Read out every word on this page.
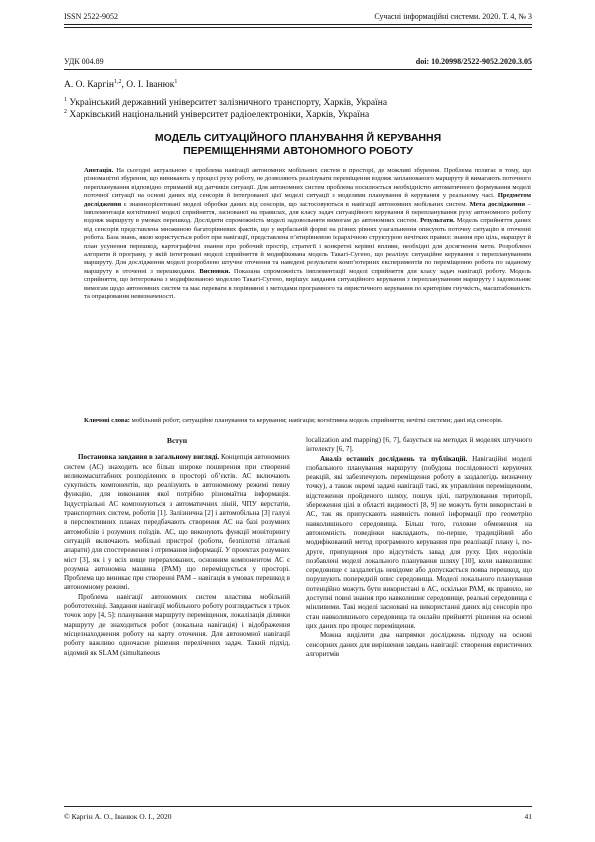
ISSN 2522-9052	Сучасні інформаційні системи. 2020. Т. 4, № 3
УДК 004.89	doi: 10.20998/2522-9052.2020.3.05
А. О. Каргін$^{1,2}$, О. І. Іванюк$^1$
$^1$ Український державний університет залізничного транспорту, Харків, Україна
$^2$ Харківський національний університет радіоелектроніки, Харків, Україна
МОДЕЛЬ СИТУАЦІЙНОГО ПЛАНУВАННЯ Й КЕРУВАННЯ
ПЕРЕМІЩЕННЯМИ АВТОНОМНОГО РОБОТУ
Анотація. На сьогодні актуальною є проблема навігації автономних мобільних систем в просторі, де можливі збурення. Проблема полягає в тому, що різноманітні збурення, що виникають у процесі руху роботу, не дозволяють реалізувати переміщення вздовж запланованого маршруту й вимагають поточного перепланування відповідно отриманій від датчиків ситуації. Для автономних систем проблема посилюється необхідністю автоматичного формування моделі поточної ситуації на основі даних від сенсорів й інтегрованої цієї моделі ситуації з моделями планування й керування у реальному часі. Предметом дослідження є знаннєорієнтовані моделі обробки даних від сенсорів, що застосовуються в навігації автономних мобільних систем. Мета дослідження – імплементація когнітивної моделі сприйняття, заснованої на правилах, для класу задач ситуаційного керування й перепланування руху автономного роботу вздовж маршруту в умовах перешкод. Дослідити спроможність моделі задовольняти вимогам до автономних систем. Результати. Модель сприйняття даних від сенсорів представлена множиною багаторівневих фактів, що у вербальній формі на різних рівнях узагальнення описують поточну ситуацію в оточенні робота. База знань, якою користується робот при навігації, представлена п’ятирівневою ієрархічною структурою нечітких правил: знання про ціль, маршрут й план усунення перешкод, картографічні знання про робочий простір, стратегії і конкретні керівні впливи, необхідні для досягнення мети. Розроблено алгоритм й програму, у якій інтегровані моделі сприйняття й модифікована модель Такагі-Сугено, що реалізує ситуаційне керування з переплануванням маршруту. Для дослідження моделі розроблено штучне оточення та наведені результати комп’ютерних експериментів по переміщенню робота по заданому маршруту в оточенні з перешкодами. Висновки. Показана спроможність імплементації моделі сприйняття для класу задач навігації роботу. Модель сприйняття, що інтегрована з модифікованою моделлю Такагі-Сугено, вирішує завдання ситуаційного керування з переплануванням маршруту і задовольняє вимогам щодо автономних систем та має переваги в порівнянні з методами програмного та евристичного керування по критеріям гнучкість, масштабованість та опрацювання невизначеності.
Ключові слова: мобільний робот; ситуаційне планування та керування; навігація; когнітивна модель сприйняття; нечіткі системи; дані від сенсорів.
Вступ

Постановка завдання в загальному вигляді. Концепція автономних систем (АС) знаходить все більш широке поширення при створенні великомасштабних розподілених в просторі об’єктів. АС включають сукупність компонентів, що реалізують в автономному режимі певну функцію, для виконання якої потрібно різномаїтна інформація. Індустріальні АС компонуються з автоматичних ліній, ЧПУ верстатів, транспортних систем, роботів [1]. Залізнична [2] і автомобільна [3] галузі в перспективних планах передбачають створення АС на базі розумних автомобілів і розумних поїздів. АС, що виконують функції моніторингу ситуацій включають мобільні пристрої (роботи, безпілотні літальні апарати) для спостереження і отримання інформації. У проектах розумних міст [3], як і у всіх вище перерахованих, основним компонентом АС є розумна автономна машина (РАМ) що переміщується у просторі. Проблема що виникає при створенні РАМ – навігація в умовах перешкод в автономному режимі.

Проблема навігації автономних систем властива мобільній робототехніці. Завдання навігації мобільного роботу розглядається з трьох точок зору [4, 5]: планування маршруту переміщення, локалізація ділянки маршруту де знаходиться робот (локальна навігація) і відображення місцезнаходження роботу на карту оточення. Для автономної навігації роботу важливо одночасне рішення перелічених задач. Такий підхід, відомий як SLAM (simultaneous

localization and mapping) [6, 7], базується на методах й моделях штучного інтелекту [6, 7].

Аналіз останніх досліджень та публікацій. Навігаційні моделі глобального планування маршруту (побудова послідовності керуючих реакцій, які забезпечують переміщення роботу в заздалегідь визначену точку), а також окремі задачі навігації такі, як управління переміщенням, відстеження пройденого шляху, пошук цілі, патрулювання території, збереження цілі в області видимості [8, 9] не можуть бути використані в АС, так як припускають наявність повної інформації про геометрію навколишнього середовища. Більш того, головне обмеження на автономність поведінки накладають, по-перше, традиційний або модифікований метод програмного керування при реалізації плану і, по-друге, припущення про відсутність завад для руху. Цих недоліків позбавлені моделі локального планування шляху [10], коли навколишнє середовище є заздалегідь невідоме або допускається поява перешкод, що порушують попередній опис середовища. Моделі локального планування потенційно можуть бути використані в АС, оскільки РАМ, як правило, не доступні повні знання про навколишнє середовище, реальні середовища є мінливими. Такі моделі засновані на використанні даних від сенсорів про стан навколишнього середовища та онлайн прийнятті рішення на основі цих даних про процес переміщення.

Можна виділити два напрямки досліджень підходу на основі сенсорних даних для вирішення завдань навігації: створення евристичних алгоритмів

© Каргін А. О., Іванюк О. І., 2020	41
